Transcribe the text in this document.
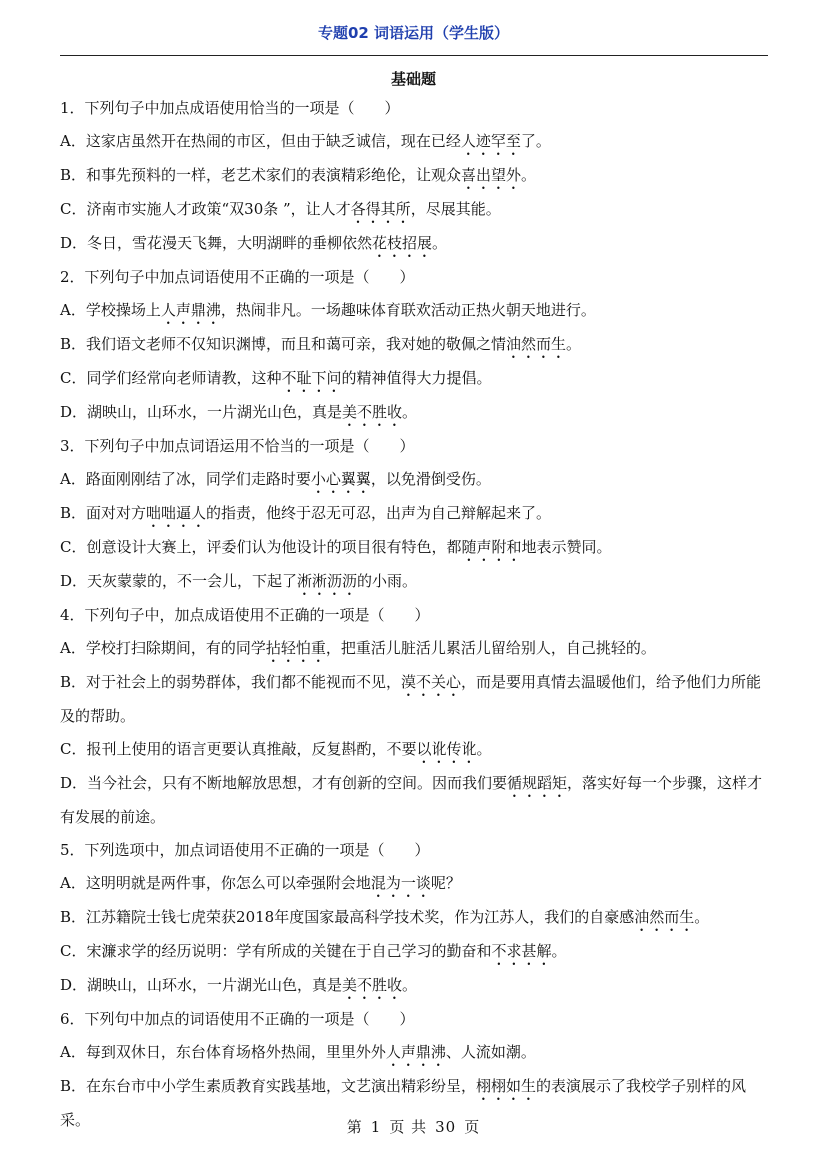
专题02 词语运用（学生版）
基础题

1．下列句子中加点成语使用恰当的一项是（　　）

A．这家店虽然开在热闹的市区，但由于缺乏诚信，现在已经人迹罕至了。

B．和事先预料的一样，老艺术家们的表演精彩绝伦，让观众喜出望外。

C．济南市实施人才政策“双30条 ”，让人才各得其所，尽展其能。

D．冬日，雪花漫天飞舞，大明湖畔的垂柳依然花枝招展。

2．下列句子中加点词语使用不正确的一项是（　　）

A．学校操场上人声鼎沸，热闹非凡。一场趣味体育联欢活动正热火朝天地进行。

B．我们语文老师不仅知识渊博，而且和蔼可亲，我对她的敬佩之情油然而生。

C．同学们经常向老师请教，这种不耻下问的精神值得大力提倡。

D．湖映山，山环水，一片湖光山色，真是美不胜收。

3．下列句子中加点词语运用不恰当的一项是（　　）

A．路面刚刚结了冰，同学们走路时要小心翼翼，以免滑倒受伤。

B．面对对方咄咄逼人的指责，他终于忍无可忍，出声为自己辩解起来了。

C．创意设计大赛上，评委们认为他设计的项目很有特色，都随声附和地表示赞同。

D．天灰蒙蒙的，不一会儿，下起了淅淅沥沥的小雨。

4．下列句子中，加点成语使用不正确的一项是（　　）

A．学校打扫除期间，有的同学拈轻怕重，把重活儿脏活儿累活儿留给别人，自己挑轻的。

B．对于社会上的弱势群体，我们都不能视而不见，漠不关心，而是要用真情去温暖他们，给予他们力所能及的帮助。

C．报刊上使用的语言更要认真推敲，反复斟酌，不要以讹传讹。

D．当今社会，只有不断地解放思想，才有创新的空间。因而我们要循规蹈矩，落实好每一个步骤，这样才有发展的前途。

5．下列选项中，加点词语使用不正确的一项是（　　）

A．这明明就是两件事，你怎么可以牵强附会地混为一谈呢？

B．江苏籍院士钱七虎荣获2018年度国家最高科学技术奖，作为江苏人，我们的自豪感油然而生。

C．宋濂求学的经历说明：学有所成的关键在于自己学习的勤奋和不求甚解。

D．湖映山，山环水，一片湖光山色，真是美不胜收。

6．下列句中加点的词语使用不正确的一项是（　　）

A．每到双休日，东台体育场格外热闹，里里外外人声鼎沸、人流如潮。

B．在东台市中小学生素质教育实践基地，文艺演出精彩纷呈，栩栩如生的表演展示了我校学子别样的风采。	第 1 页 共 30 页
